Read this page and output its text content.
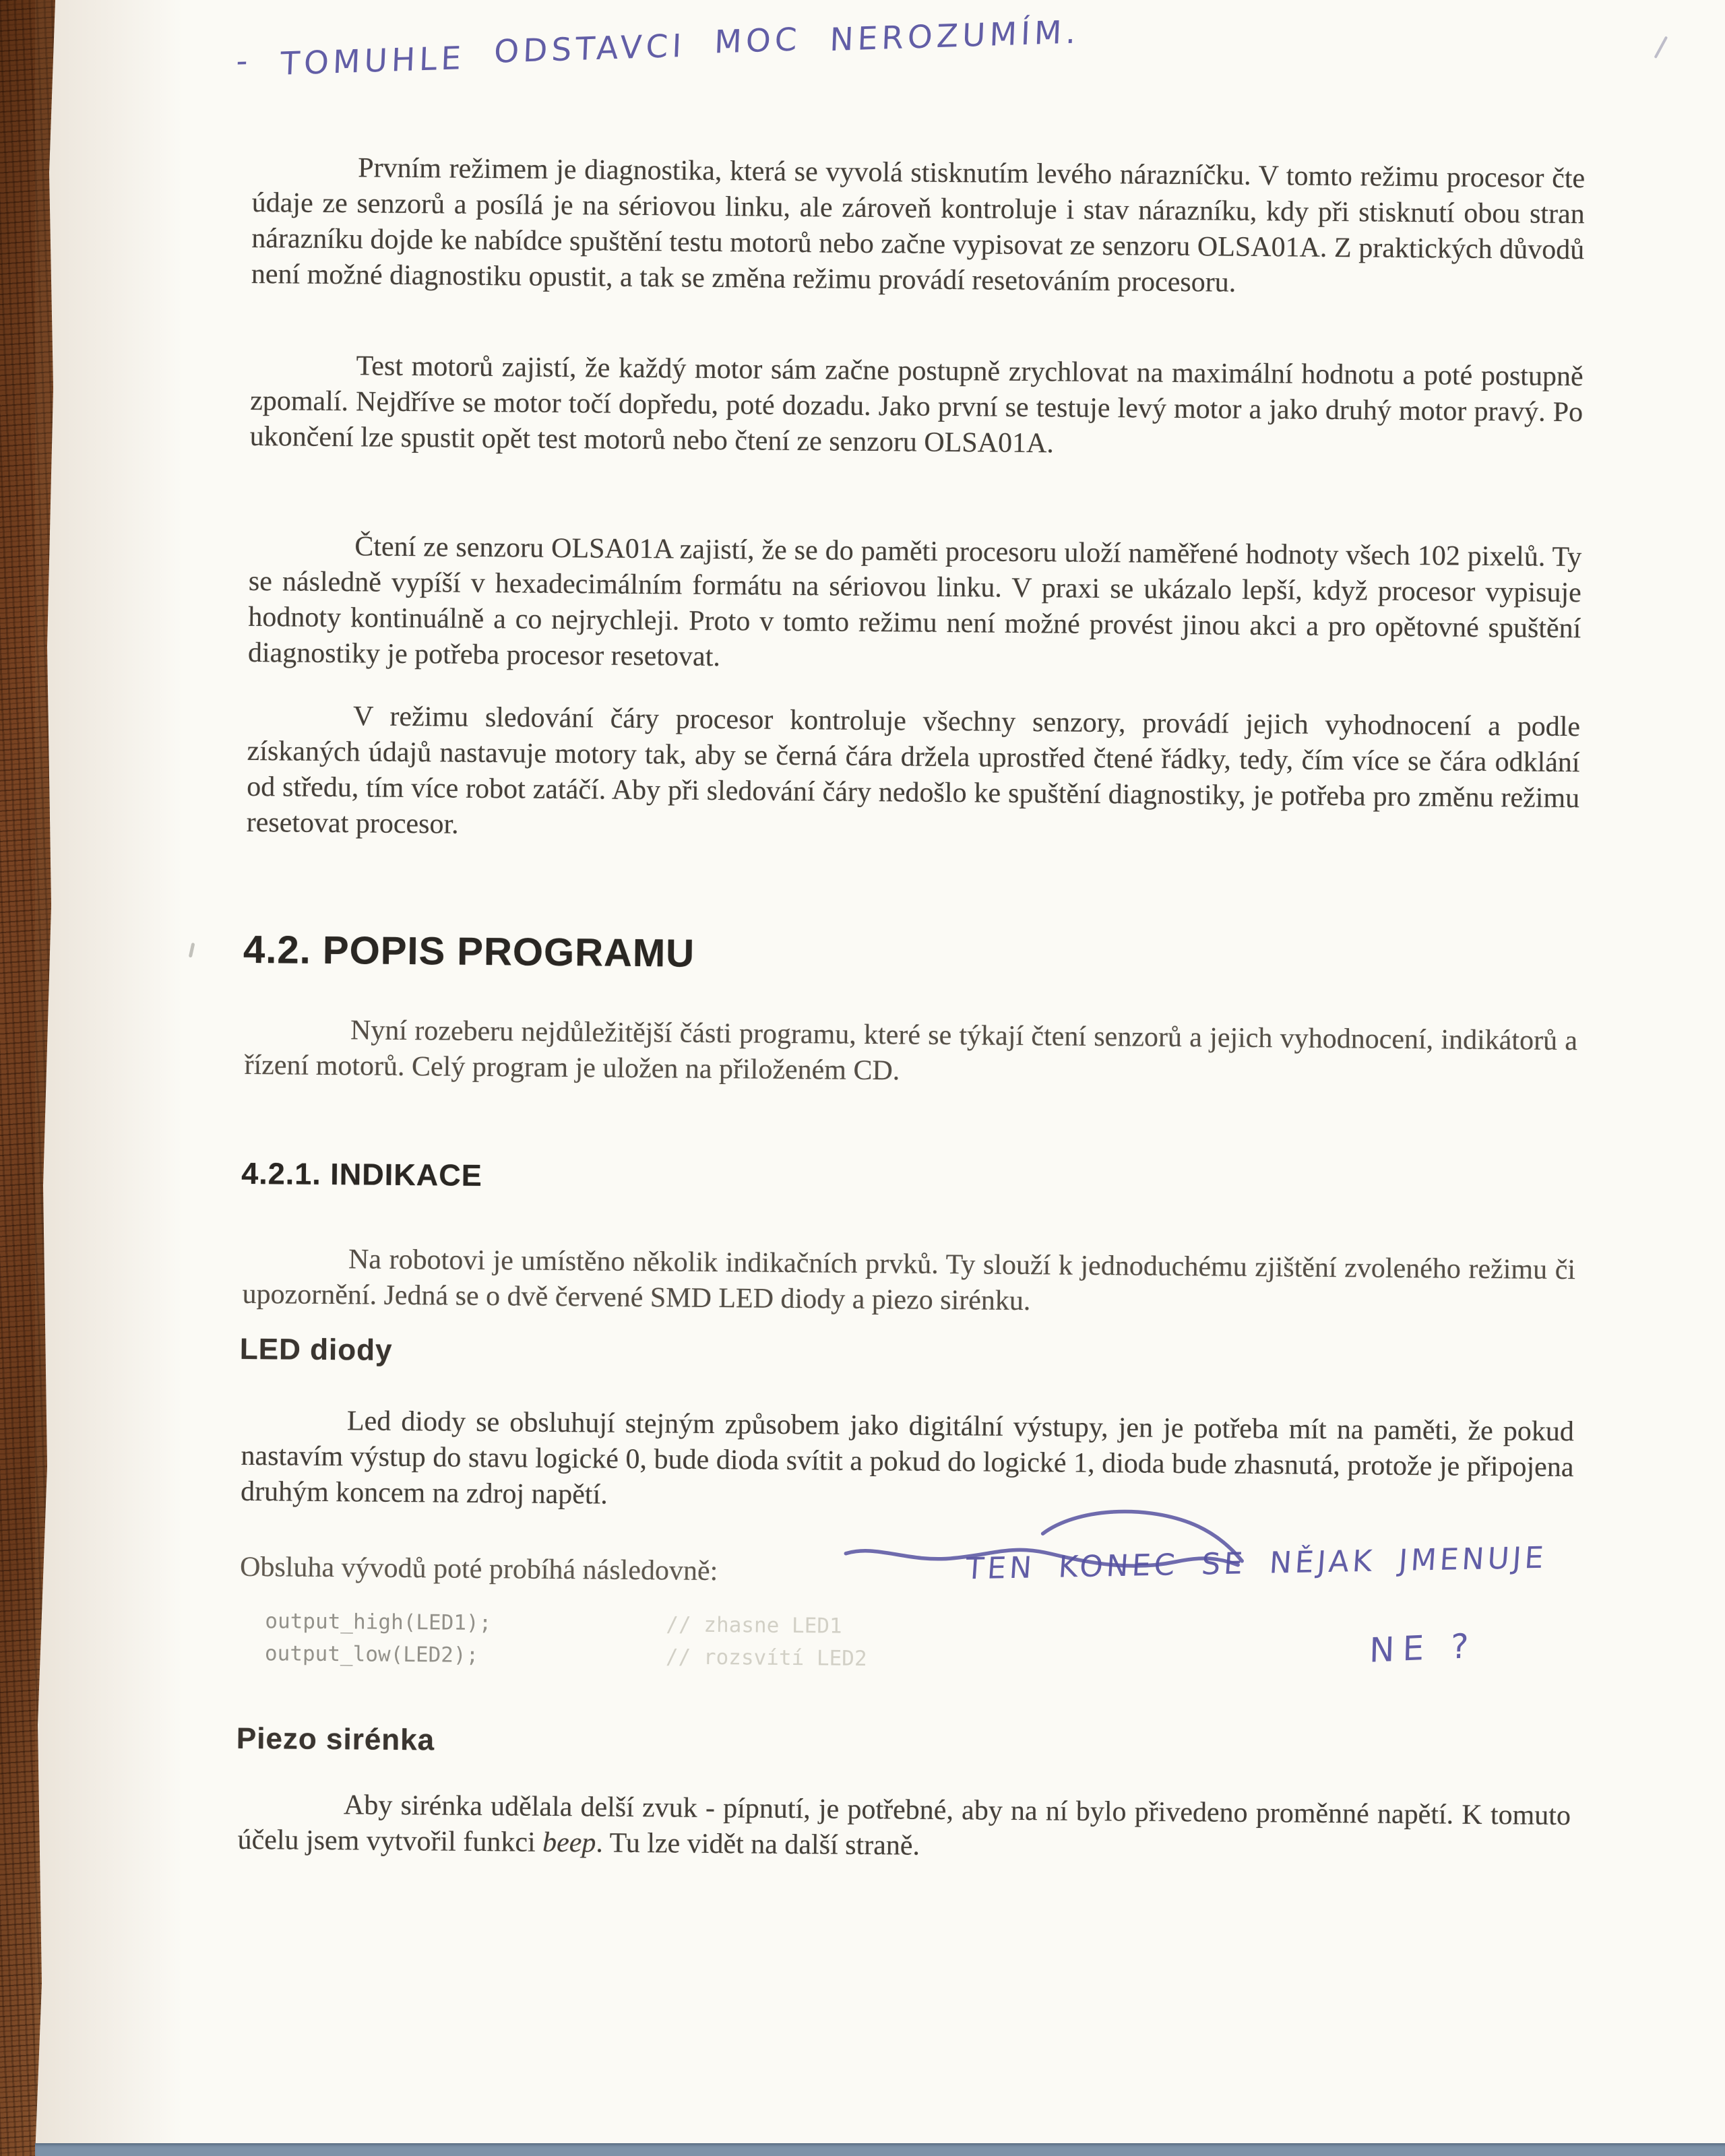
- TOMUHLE ODSTAVCI MOC NEROZUMÍM.
Prvním režimem je diagnostika, která se vyvolá stisknutím levého nárazníčku. V tomto režimu procesor čte údaje ze senzorů a posílá je na sériovou linku, ale zároveň kontroluje i stav nárazníku, kdy při stisknutí obou stran nárazníku dojde ke nabídce spuštění testu motorů nebo začne vypisovat ze senzoru OLSA01A. Z praktických důvodů není možné diagnostiku opustit, a tak se změna režimu provádí resetováním procesoru.
Test motorů zajistí, že každý motor sám začne postupně zrychlovat na maximální hodnotu a poté postupně zpomalí. Nejdříve se motor točí dopředu, poté dozadu. Jako první se testuje levý motor a jako druhý motor pravý. Po ukončení lze spustit opět test motorů nebo čtení ze senzoru OLSA01A.
Čtení ze senzoru OLSA01A zajistí, že se do paměti procesoru uloží naměřené hodnoty všech 102 pixelů. Ty se následně vypíší v hexadecimálním formátu na sériovou linku. V praxi se ukázalo lepší, když procesor vypisuje hodnoty kontinuálně a co nejrychleji. Proto v tomto režimu není možné provést jinou akci a pro opětovné spuštění diagnostiky je potřeba procesor resetovat.
V režimu sledování čáry procesor kontroluje všechny senzory, provádí jejich vyhodnocení a podle získaných údajů nastavuje motory tak, aby se černá čára držela uprostřed čtené řádky, tedy, čím více se čára odklání od středu, tím více robot zatáčí. Aby při sledování čáry nedošlo ke spuštění diagnostiky, je potřeba pro změnu režimu resetovat procesor.
4.2. POPIS PROGRAMU
Nyní rozeberu nejdůležitější části programu, které se týkají čtení senzorů a jejich vyhodnocení, indikátorů a řízení motorů. Celý program je uložen na přiloženém CD.
4.2.1. INDIKACE
Na robotovi je umístěno několik indikačních prvků. Ty slouží k jednoduchému zjištění zvoleného režimu či upozornění. Jedná se o dvě červené SMD LED diody a piezo sirénku.
LED diody
Led diody se obsluhují stejným způsobem jako digitální výstupy, jen je potřeba mít na paměti, že pokud nastavím výstup do stavu logické 0, bude dioda svítit a pokud do logické 1, dioda bude zhasnutá, protože je připojena druhým koncem na zdroj napětí.
Obsluha vývodů poté probíhá následovně:	TEN KONEC SE NĚJAK JMENUJE
NE ?
output_high(LED1);	// zhasne LED1
output_low(LED2);	// rozsvítí LED2
Piezo sirénka
Aby sirénka udělala delší zvuk - pípnutí, je potřebné, aby na ní bylo přivedeno proměnné napětí. K tomuto účelu jsem vytvořil funkci beep. Tu lze vidět na další straně.
